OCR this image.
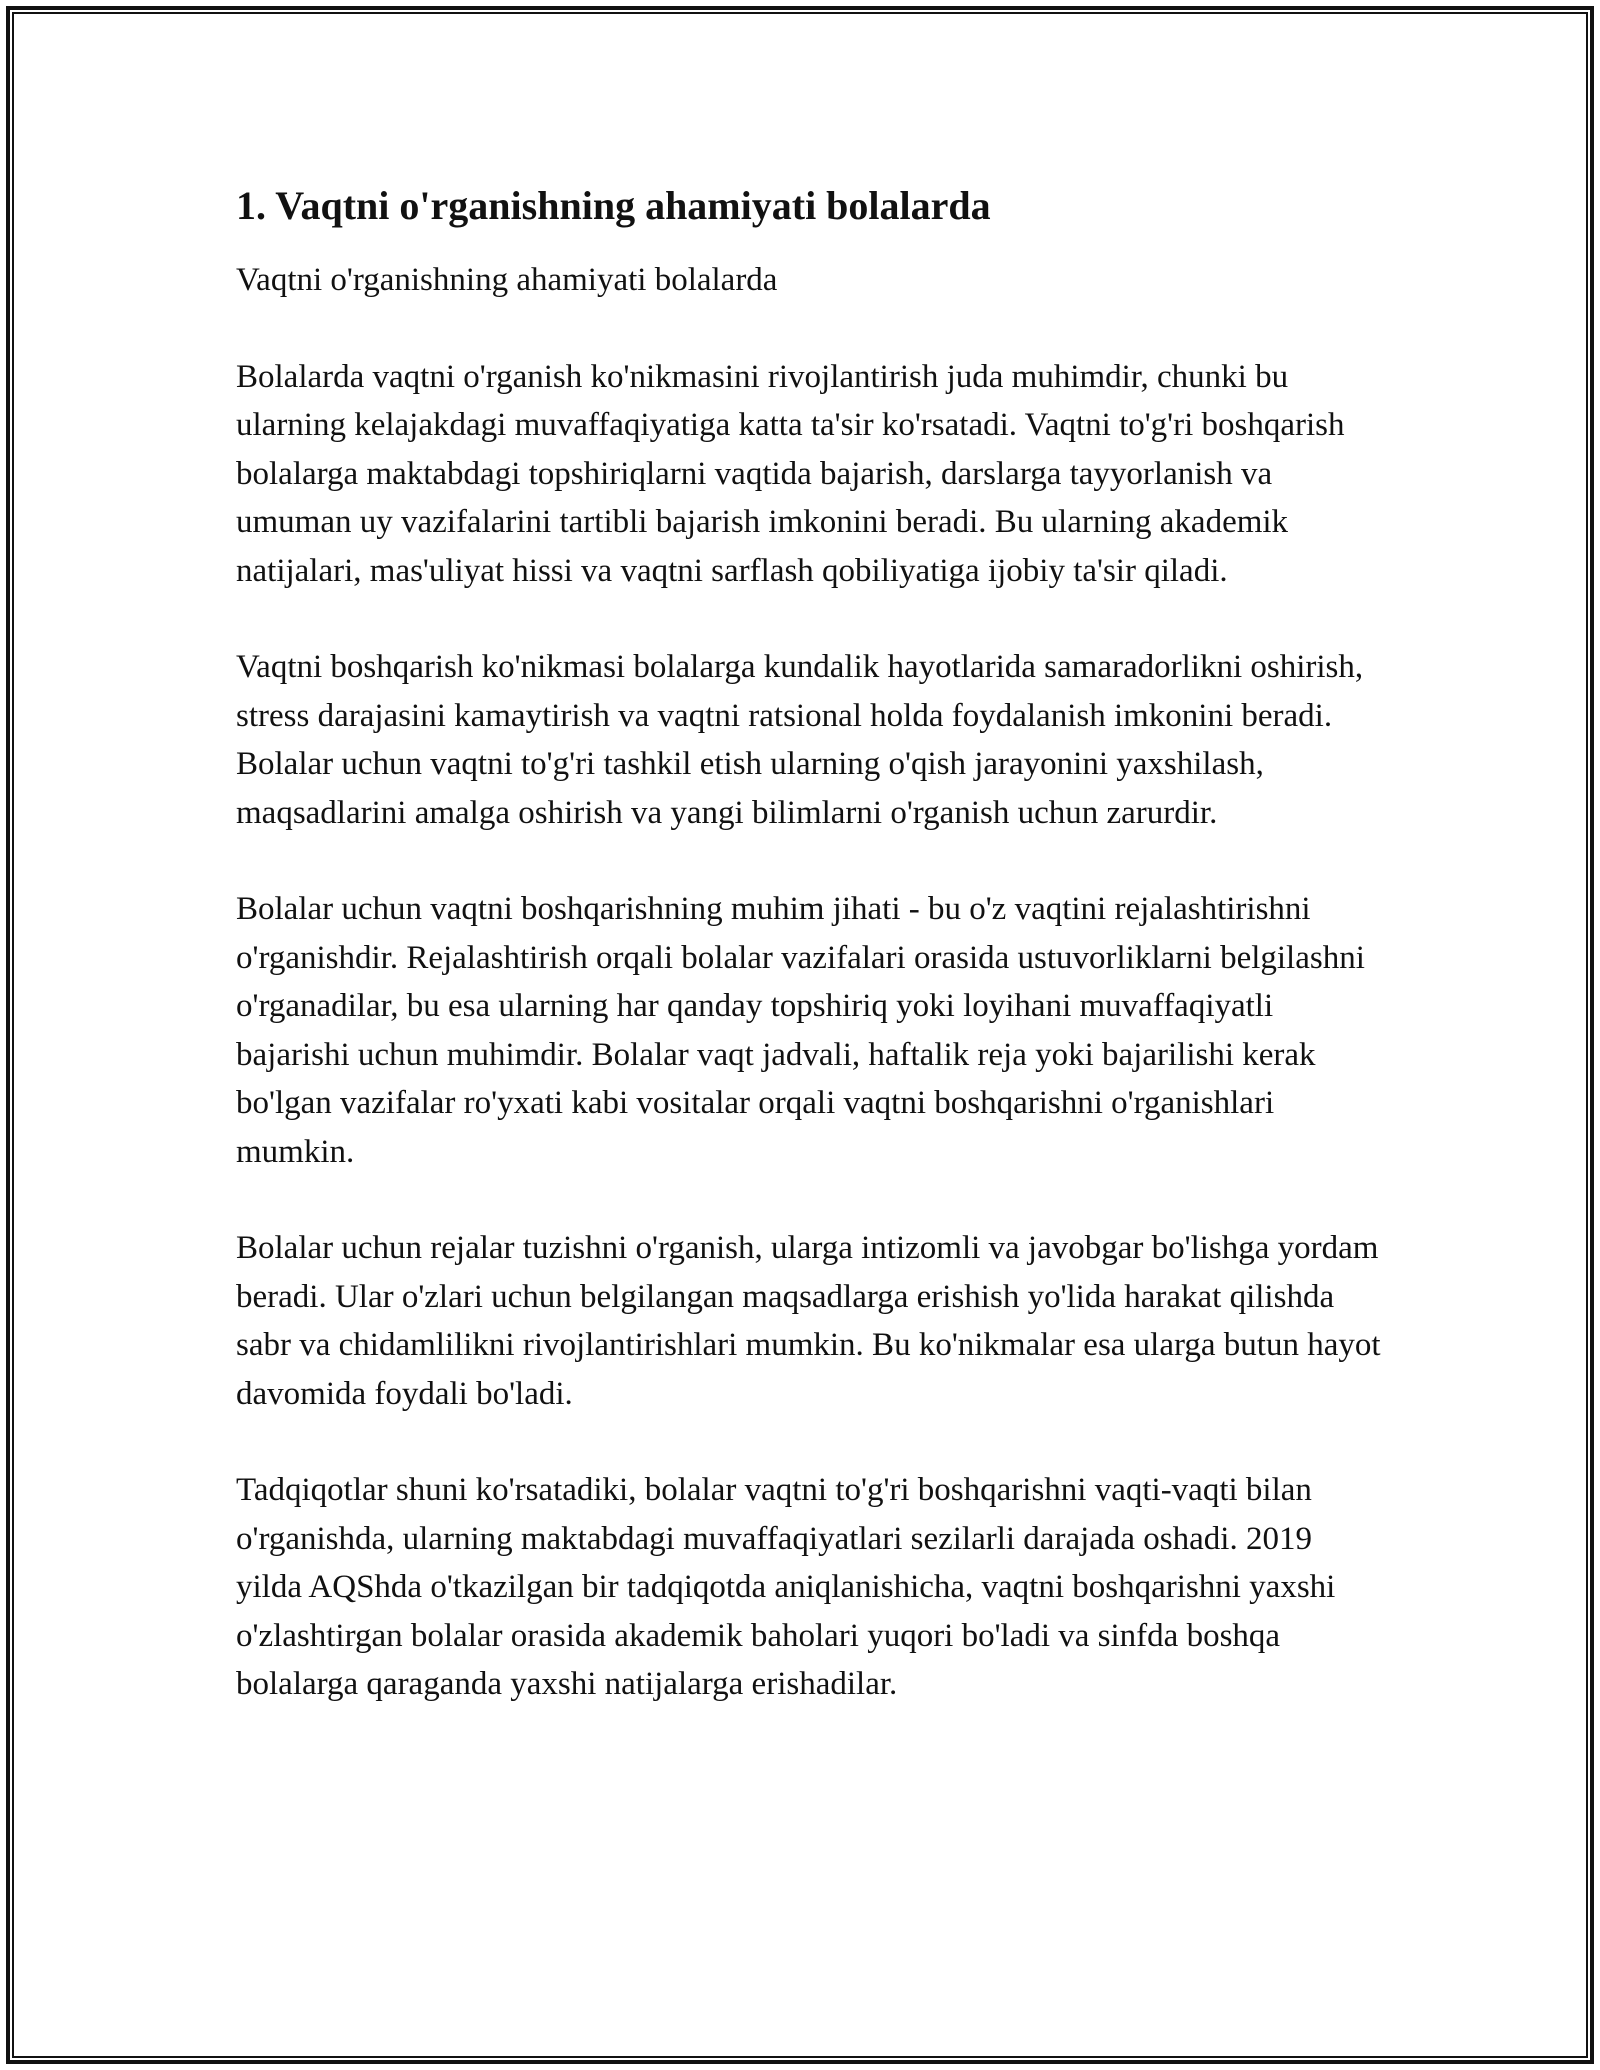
1. Vaqtni o'rganishning ahamiyati bolalarda

Vaqtni o'rganishning ahamiyati bolalarda

Bolalarda vaqtni o'rganish ko'nikmasini rivojlantirish juda muhimdir, chunki bu ularning kelajakdagi muvaffaqiyatiga katta ta'sir ko'rsatadi. Vaqtni to'g'ri boshqarish bolalarga maktabdagi topshiriqlarni vaqtida bajarish, darslarga tayyorlanish va umuman uy vazifalarini tartibli bajarish imkonini beradi. Bu ularning akademik natijalari, mas'uliyat hissi va vaqtni sarflash qobiliyatiga ijobiy ta'sir qiladi.

Vaqtni boshqarish ko'nikmasi bolalarga kundalik hayotlarida samaradorlikni oshirish, stress darajasini kamaytirish va vaqtni ratsional holda foydalanish imkonini beradi. Bolalar uchun vaqtni to'g'ri tashkil etish ularning o'qish jarayonini yaxshilash, maqsadlarini amalga oshirish va yangi bilimlarni o'rganish uchun zarurdir.

Bolalar uchun vaqtni boshqarishning muhim jihati - bu o'z vaqtini rejalashtirishni o'rganishdir. Rejalashtirish orqali bolalar vazifalari orasida ustuvorliklarni belgilashni o'rganadilar, bu esa ularning har qanday topshiriq yoki loyihani muvaffaqiyatli bajarishi uchun muhimdir. Bolalar vaqt jadvali, haftalik reja yoki bajarilishi kerak bo'lgan vazifalar ro'yxati kabi vositalar orqali vaqtni boshqarishni o'rganishlari mumkin.

Bolalar uchun rejalar tuzishni o'rganish, ularga intizomli va javobgar bo'lishga yordam beradi. Ular o'zlari uchun belgilangan maqsadlarga erishish yo'lida harakat qilishda sabr va chidamlilikni rivojlantirishlari mumkin. Bu ko'nikmalar esa ularga butun hayot davomida foydali bo'ladi.

Tadqiqotlar shuni ko'rsatadiki, bolalar vaqtni to'g'ri boshqarishni vaqti-vaqti bilan o'rganishda, ularning maktabdagi muvaffaqiyatlari sezilarli darajada oshadi. 2019 yilda AQShda o'tkazilgan bir tadqiqotda aniqlanishicha, vaqtni boshqarishni yaxshi o'zlashtirgan bolalar orasida akademik baholari yuqori bo'ladi va sinfda boshqa bolalarga qaraganda yaxshi natijalarga erishadilar.
